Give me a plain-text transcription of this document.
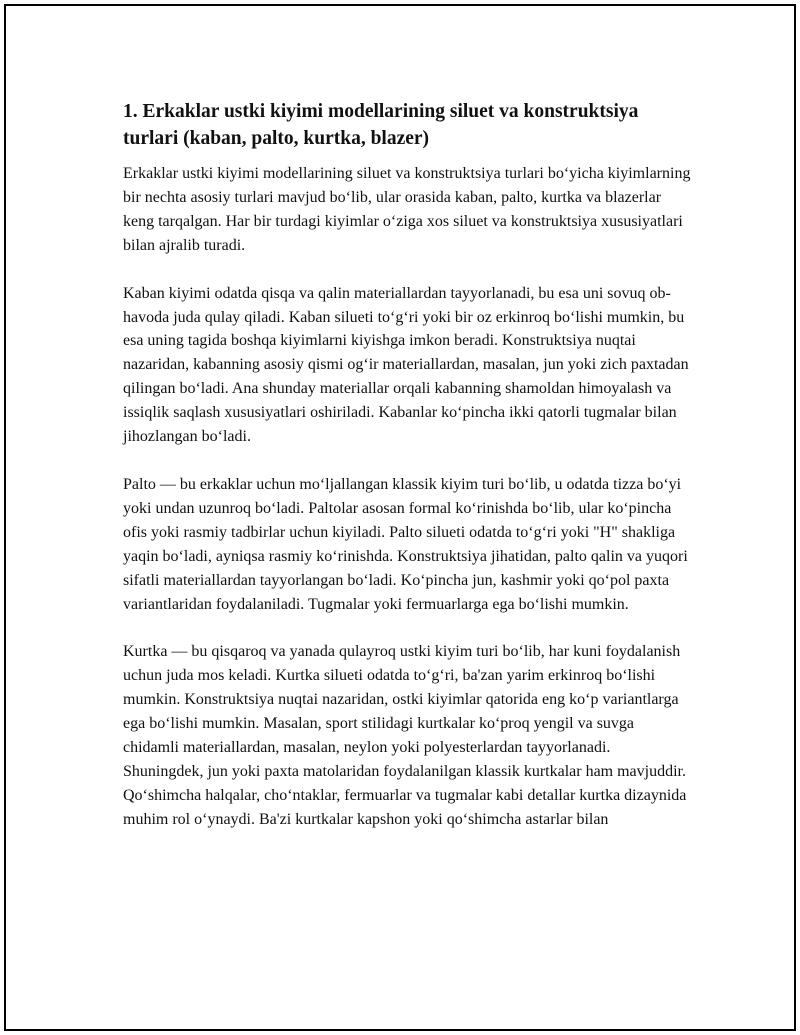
1. Erkaklar ustki kiyimi modellarining siluet va konstruktsiya turlari (kaban, palto, kurtka, blazer)

Erkaklar ustki kiyimi modellarining siluet va konstruktsiya turlari bo‘yicha kiyimlarning bir nechta asosiy turlari mavjud bo‘lib, ular orasida kaban, palto, kurtka va blazerlar keng tarqalgan. Har bir turdagi kiyimlar o‘ziga xos siluet va konstruktsiya xususiyatlari bilan ajralib turadi.

Kaban kiyimi odatda qisqa va qalin materiallardan tayyorlanadi, bu esa uni sovuq ob-havoda juda qulay qiladi. Kaban silueti to‘g‘ri yoki bir oz erkinroq bo‘lishi mumkin, bu esa uning tagida boshqa kiyimlarni kiyishga imkon beradi. Konstruktsiya nuqtai nazaridan, kabanning asosiy qismi og‘ir materiallardan, masalan, jun yoki zich paxtadan qilingan bo‘ladi. Ana shunday materiallar orqali kabanning shamoldan himoyalash va issiqlik saqlash xususiyatlari oshiriladi. Kabanlar ko‘pincha ikki qatorli tugmalar bilan jihozlangan bo‘ladi.

Palto — bu erkaklar uchun mo‘ljallangan klassik kiyim turi bo‘lib, u odatda tizza bo‘yi yoki undan uzunroq bo‘ladi. Paltolar asosan formal ko‘rinishda bo‘lib, ular ko‘pincha ofis yoki rasmiy tadbirlar uchun kiyiladi. Palto silueti odatda to‘g‘ri yoki "H" shakliga yaqin bo‘ladi, ayniqsa rasmiy ko‘rinishda. Konstruktsiya jihatidan, palto qalin va yuqori sifatli materiallardan tayyorlangan bo‘ladi. Ko‘pincha jun, kashmir yoki qo‘pol paxta variantlaridan foydalaniladi. Tugmalar yoki fermuarlarga ega bo‘lishi mumkin.

Kurtka — bu qisqaroq va yanada qulayroq ustki kiyim turi bo‘lib, har kuni foydalanish uchun juda mos keladi. Kurtka silueti odatda to‘g‘ri, ba'zan yarim erkinroq bo‘lishi mumkin. Konstruktsiya nuqtai nazaridan, ostki kiyimlar qatorida eng ko‘p variantlarga ega bo‘lishi mumkin. Masalan, sport stilidagi kurtkalar ko‘proq yengil va suvga chidamli materiallardan, masalan, neylon yoki polyesterlardan tayyorlanadi. Shuningdek, jun yoki paxta matolaridan foydalanilgan klassik kurtkalar ham mavjuddir. Qo‘shimcha halqalar, cho‘ntaklar, fermuarlar va tugmalar kabi detallar kurtka dizaynida muhim rol o‘ynaydi. Ba'zi kurtkalar kapshon yoki qo‘shimcha astarlar bilan
